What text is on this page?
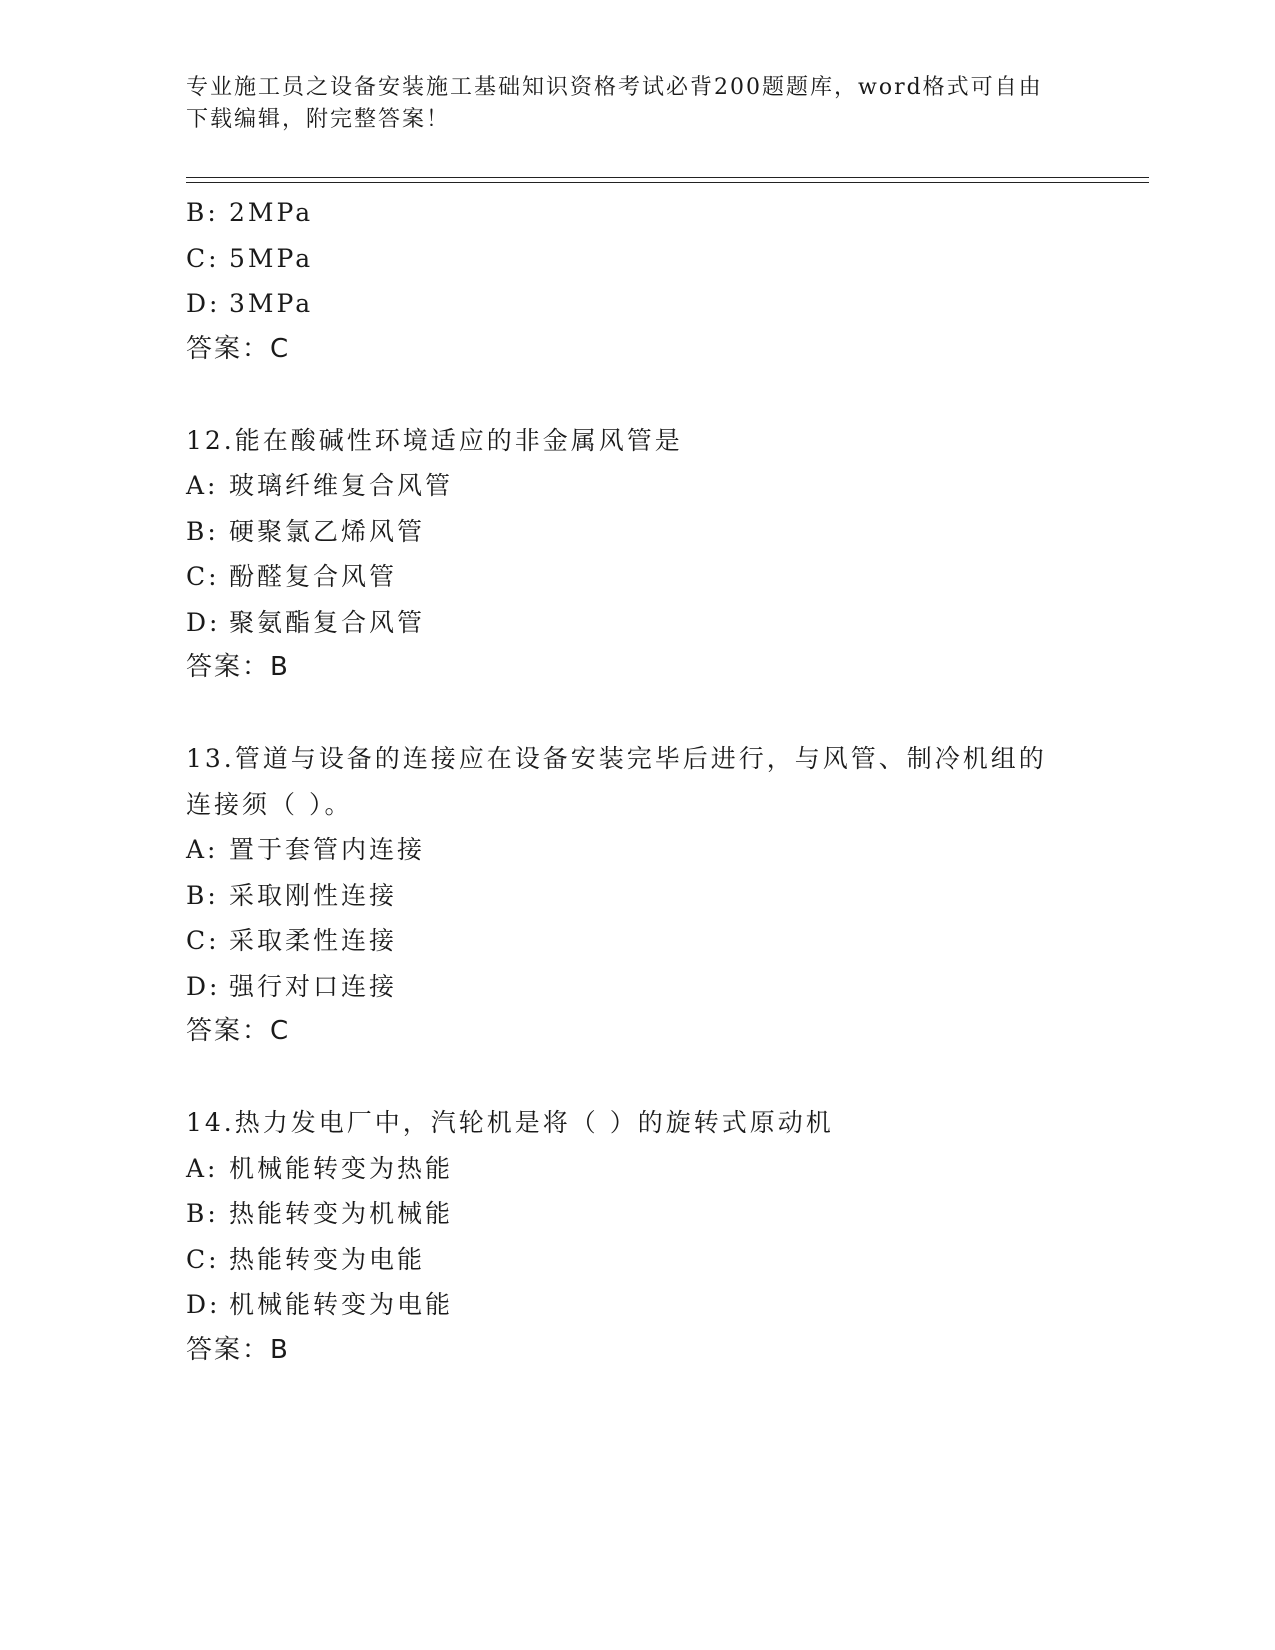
专业施工员之设备安装施工基础知识资格考试必背200题题库，word格式可自由
下载编辑，附完整答案！
B: 2MPa
C: 5MPa
D: 3MPa
答案：C
12.能在酸碱性环境适应的非金属风管是
A: 玻璃纤维复合风管
B: 硬聚氯乙烯风管
C: 酚醛复合风管
D: 聚氨酯复合风管
答案：B
13.管道与设备的连接应在设备安装完毕后进行，与风管、制冷机组的
连接须（ ）。
A: 置于套管内连接
B: 采取刚性连接
C: 采取柔性连接
D: 强行对口连接
答案：C
14.热力发电厂中，汽轮机是将（ ）的旋转式原动机
A: 机械能转变为热能
B: 热能转变为机械能
C: 热能转变为电能
D: 机械能转变为电能
答案：B
